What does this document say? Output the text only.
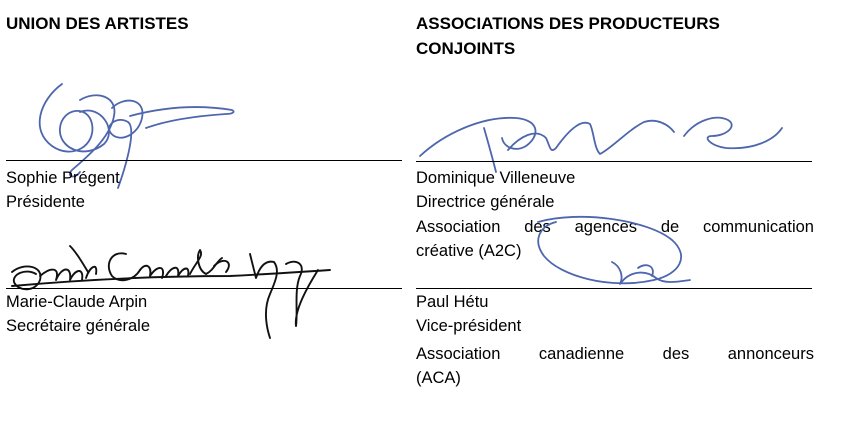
UNION DES ARTISTES
Sophie Prégent
Présidente
Marie-Claude Arpin
Secrétaire générale
ASSOCIATIONS DES PRODUCTEURS
CONJOINTS
Dominique Villeneuve
Directrice générale
Association des agences de communication
créative (A2C)
Paul Hétu
Vice-président
Association canadienne des annonceurs
(ACA)
